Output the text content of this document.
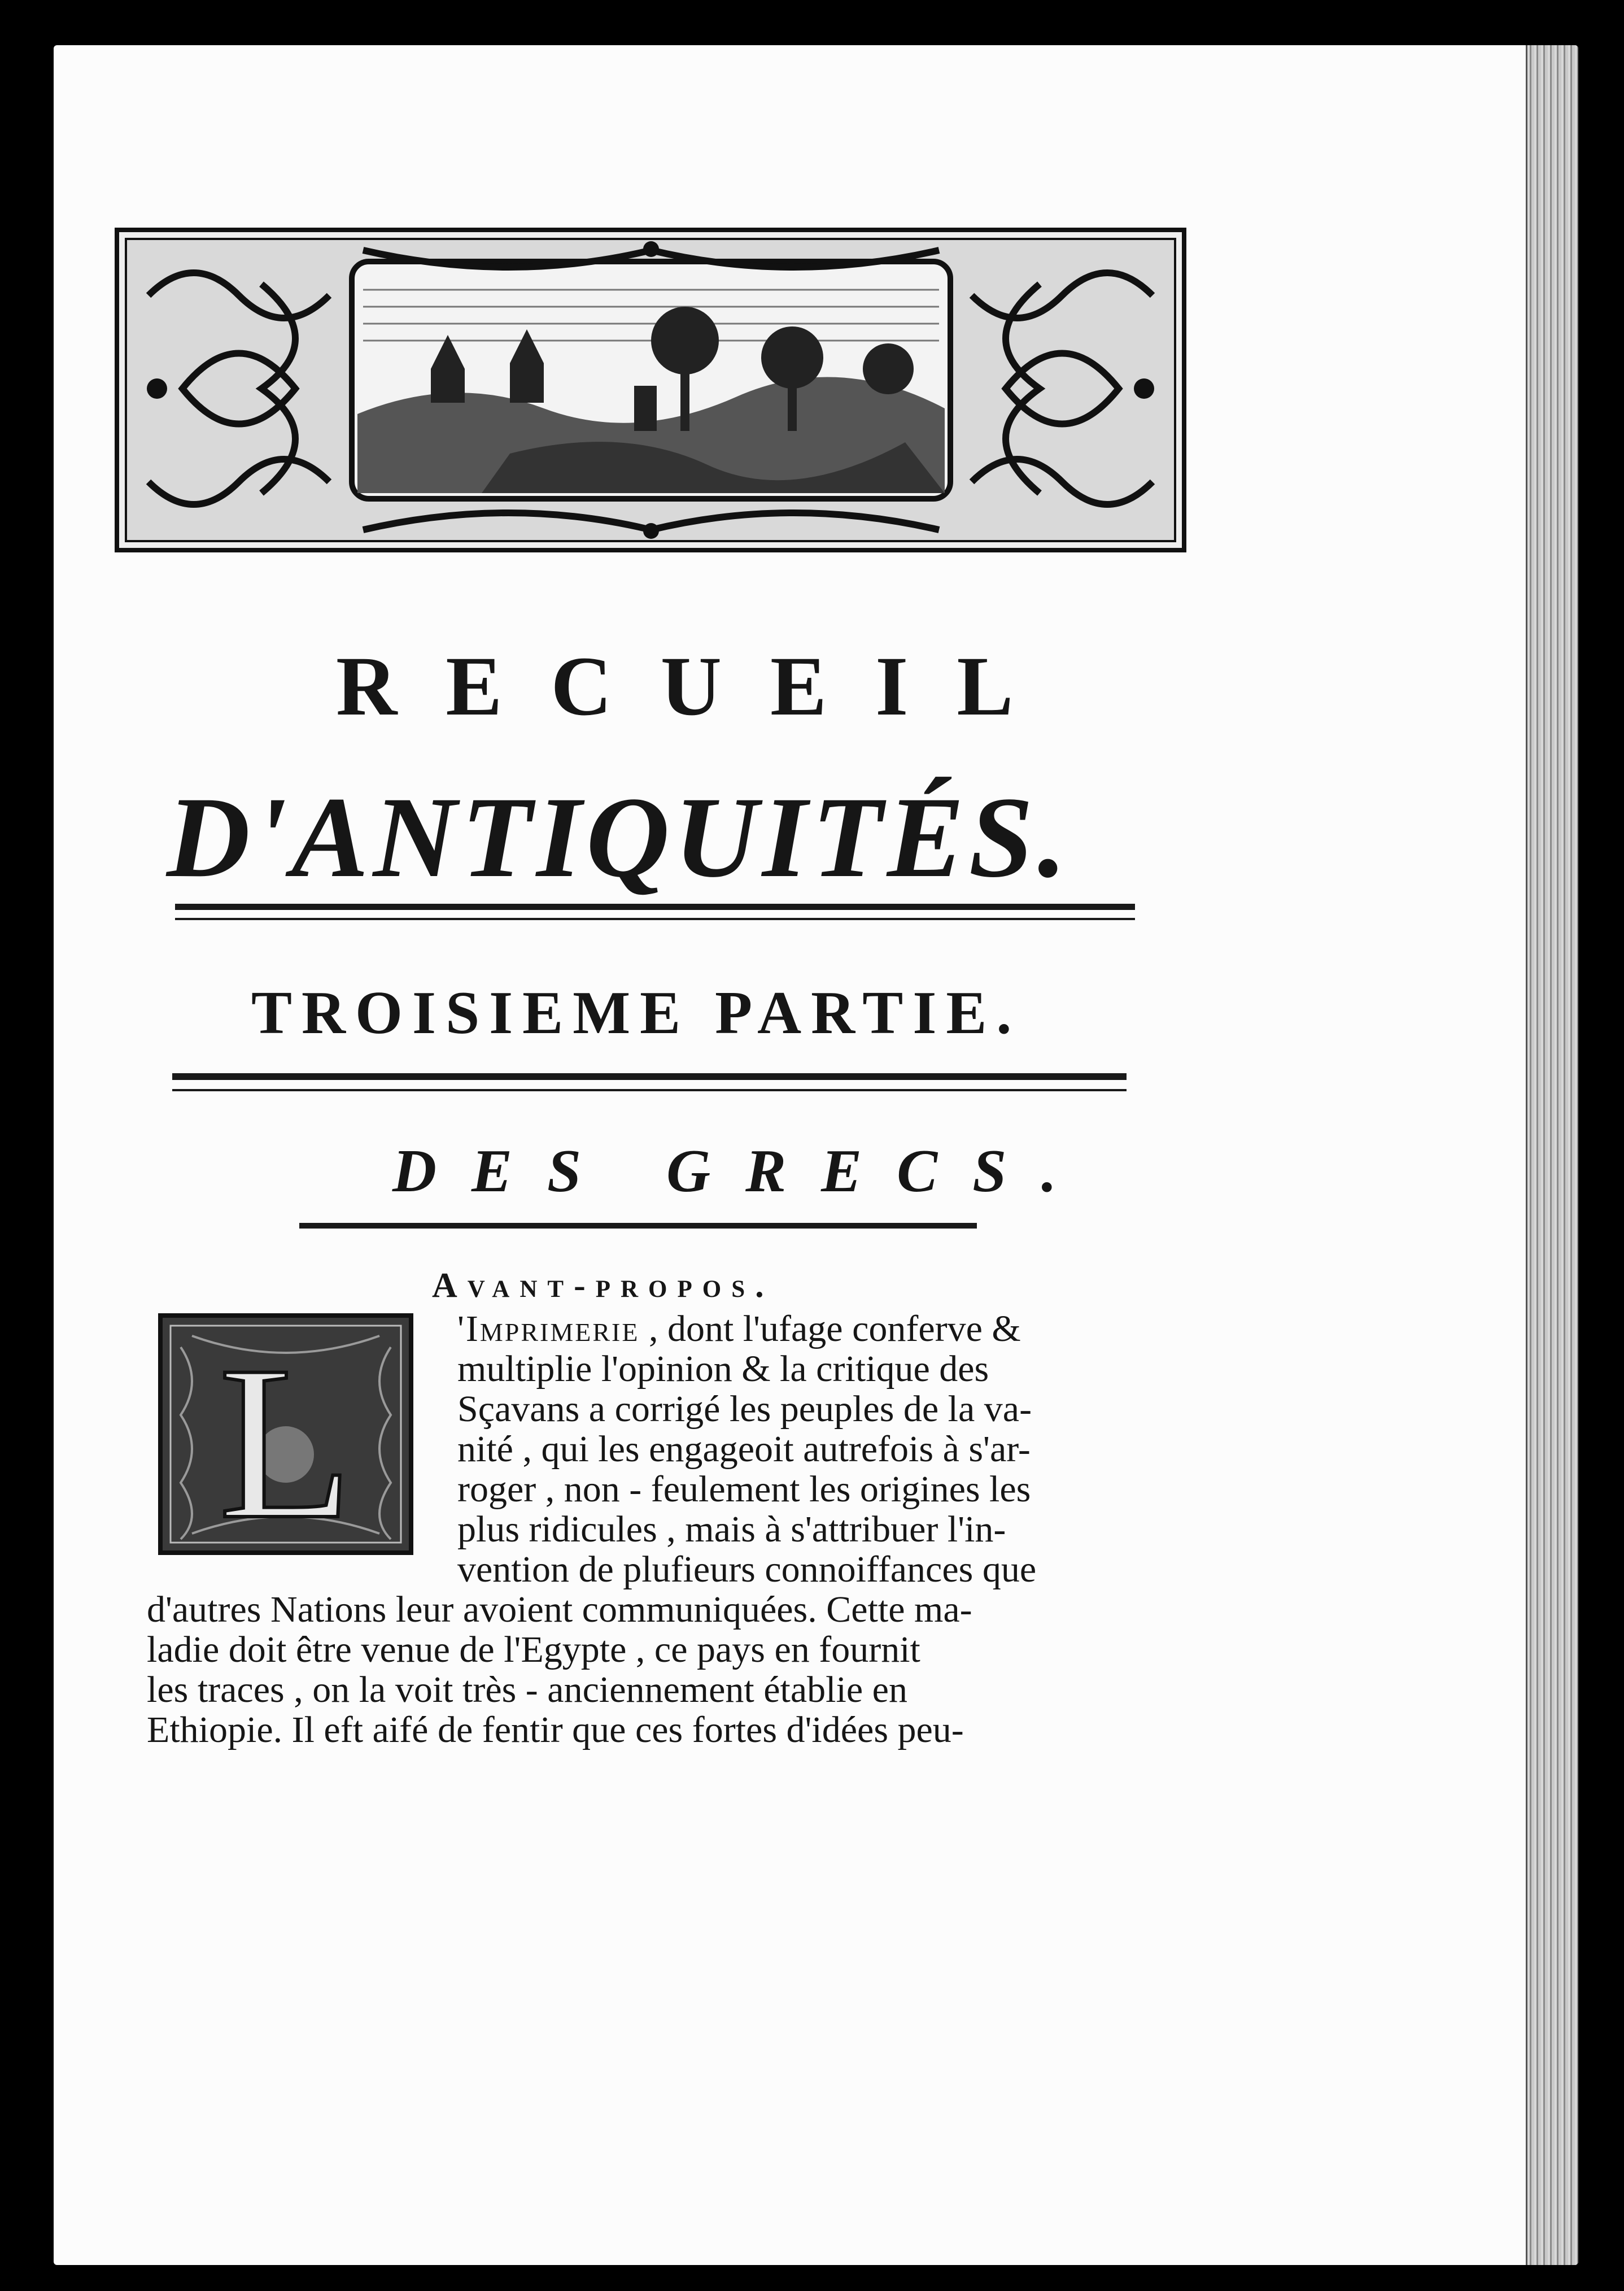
RECUEIL
D'ANTIQUITÉS.
TROISIEME PARTIE.
DES GRECS.
Avant-propos.
L	'Imprimerie , dont l'ufage conferve &
multiplie l'opinion & la critique des
Sçavans a corrigé les peuples de la va-
nité , qui les engageoit autrefois à s'ar-
roger , non - feulement les origines les
plus ridicules , mais à s'attribuer l'in-
vention de plufieurs connoiffances que
d'autres Nations leur avoient communiquées. Cette ma-
ladie doit être venue de l'Egypte , ce pays en fournit
les traces , on la voit très - anciennement établie en
Ethiopie. Il eft aifé de fentir que ces fortes d'idées peu-
